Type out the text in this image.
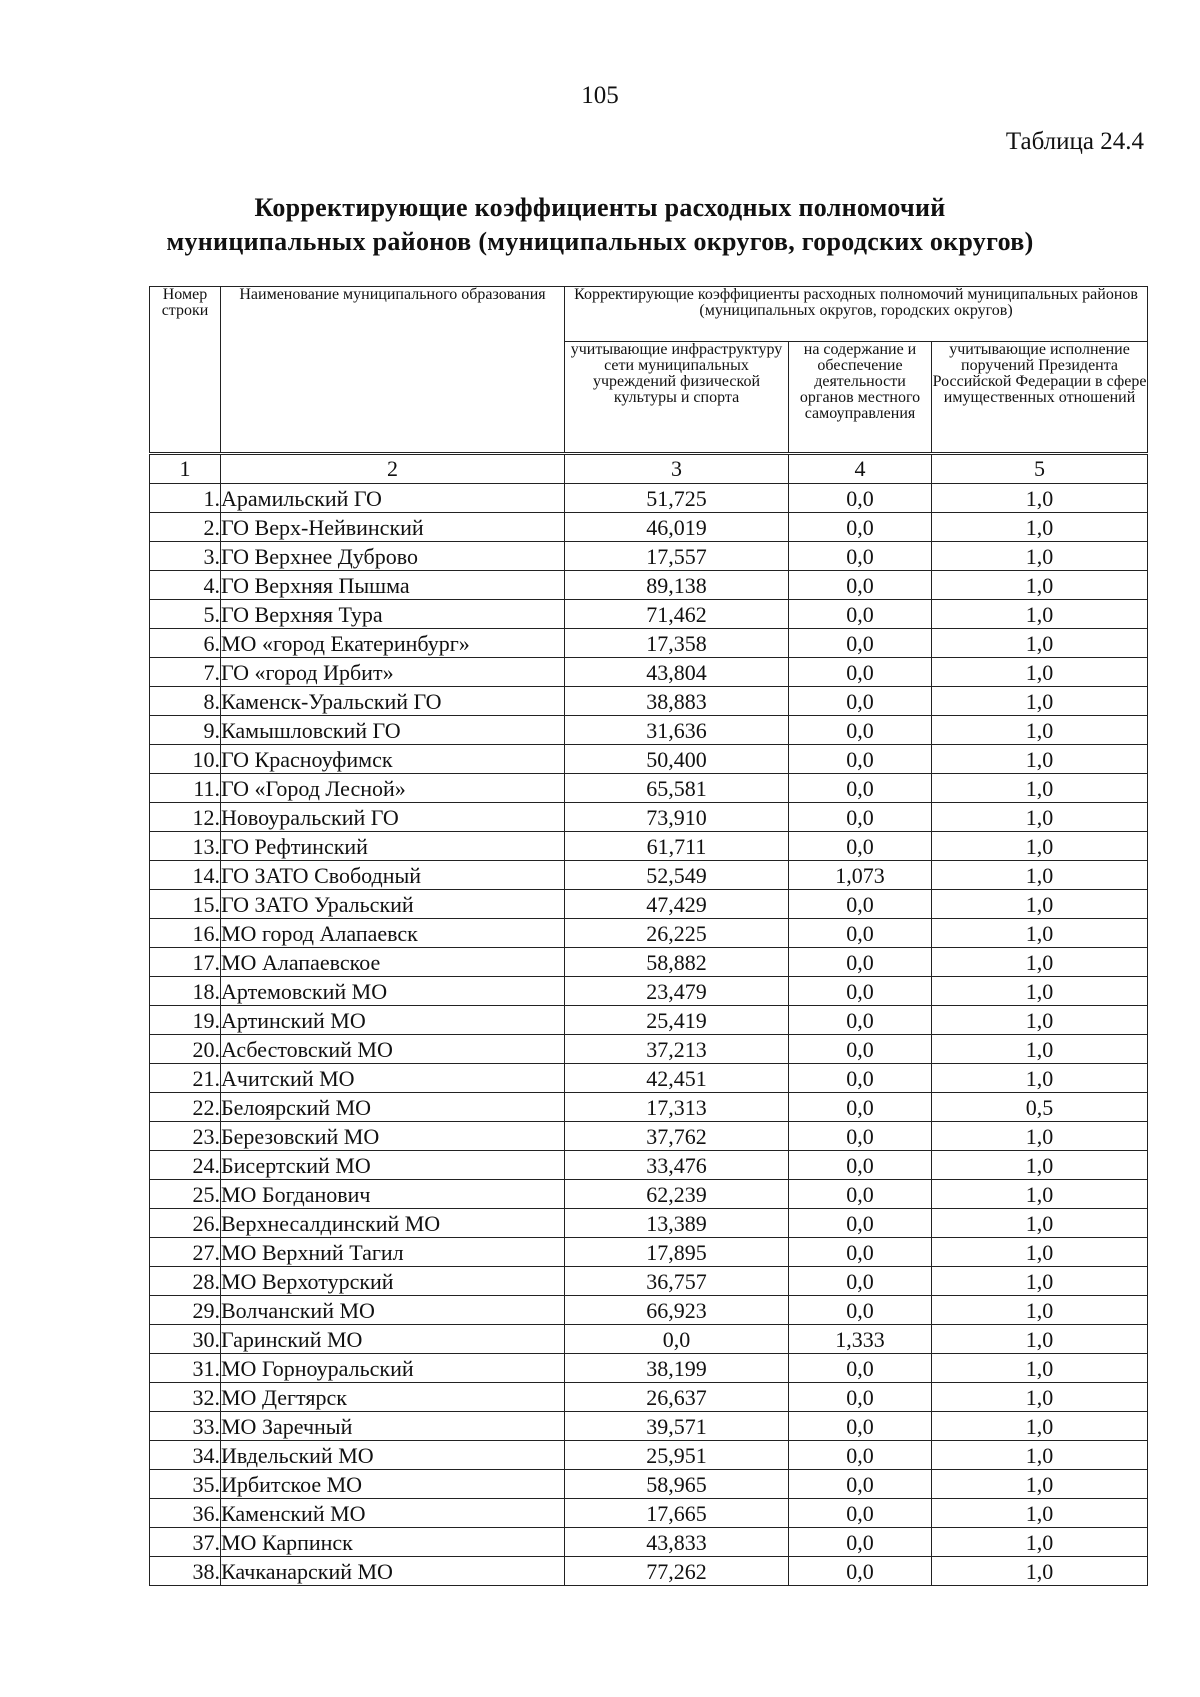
105
Таблица 24.4
Корректирующие коэффициенты расходных полномочий
муниципальных районов (муниципальных округов, городских округов)
Номер строки	Наименование муниципального образования	Корректирующие коэффициенты расходных полномочий муниципальных районов (муниципальных округов, городских округов)		
		учитывающие инфраструктуру сети муниципальных учреждений физической культуры и спорта	на содержание и обеспечение деятельности органов местного самоуправления	учитывающие исполнение поручений Президента Российской Федерации в сфере имущественных отношений
1	2	3	4	5
1.	Арамильский ГО	51,725	0,0	1,0
2.	ГО Верх-Нейвинский	46,019	0,0	1,0
3.	ГО Верхнее Дуброво	17,557	0,0	1,0
4.	ГО Верхняя Пышма	89,138	0,0	1,0
5.	ГО Верхняя Тура	71,462	0,0	1,0
6.	МО «город Екатеринбург»	17,358	0,0	1,0
7.	ГО «город Ирбит»	43,804	0,0	1,0
8.	Каменск-Уральский ГО	38,883	0,0	1,0
9.	Камышловский ГО	31,636	0,0	1,0
10.	ГО Красноуфимск	50,400	0,0	1,0
11.	ГО «Город Лесной»	65,581	0,0	1,0
12.	Новоуральский ГО	73,910	0,0	1,0
13.	ГО Рефтинский	61,711	0,0	1,0
14.	ГО ЗАТО Свободный	52,549	1,073	1,0
15.	ГО ЗАТО Уральский	47,429	0,0	1,0
16.	МО город Алапаевск	26,225	0,0	1,0
17.	МО Алапаевское	58,882	0,0	1,0
18.	Артемовский МО	23,479	0,0	1,0
19.	Артинский МО	25,419	0,0	1,0
20.	Асбестовский МО	37,213	0,0	1,0
21.	Ачитский МО	42,451	0,0	1,0
22.	Белоярский МО	17,313	0,0	0,5
23.	Березовский МО	37,762	0,0	1,0
24.	Бисертский МО	33,476	0,0	1,0
25.	МО Богданович	62,239	0,0	1,0
26.	Верхнесалдинский МО	13,389	0,0	1,0
27.	МО Верхний Тагил	17,895	0,0	1,0
28.	МО Верхотурский	36,757	0,0	1,0
29.	Волчанский МО	66,923	0,0	1,0
30.	Гаринский МО	0,0	1,333	1,0
31.	МО Горноуральский	38,199	0,0	1,0
32.	МО Дегтярск	26,637	0,0	1,0
33.	МО Заречный	39,571	0,0	1,0
34.	Ивдельский МО	25,951	0,0	1,0
35.	Ирбитское МО	58,965	0,0	1,0
36.	Каменский МО	17,665	0,0	1,0
37.	МО Карпинск	43,833	0,0	1,0
38.	Качканарский МО	77,262	0,0	1,0
